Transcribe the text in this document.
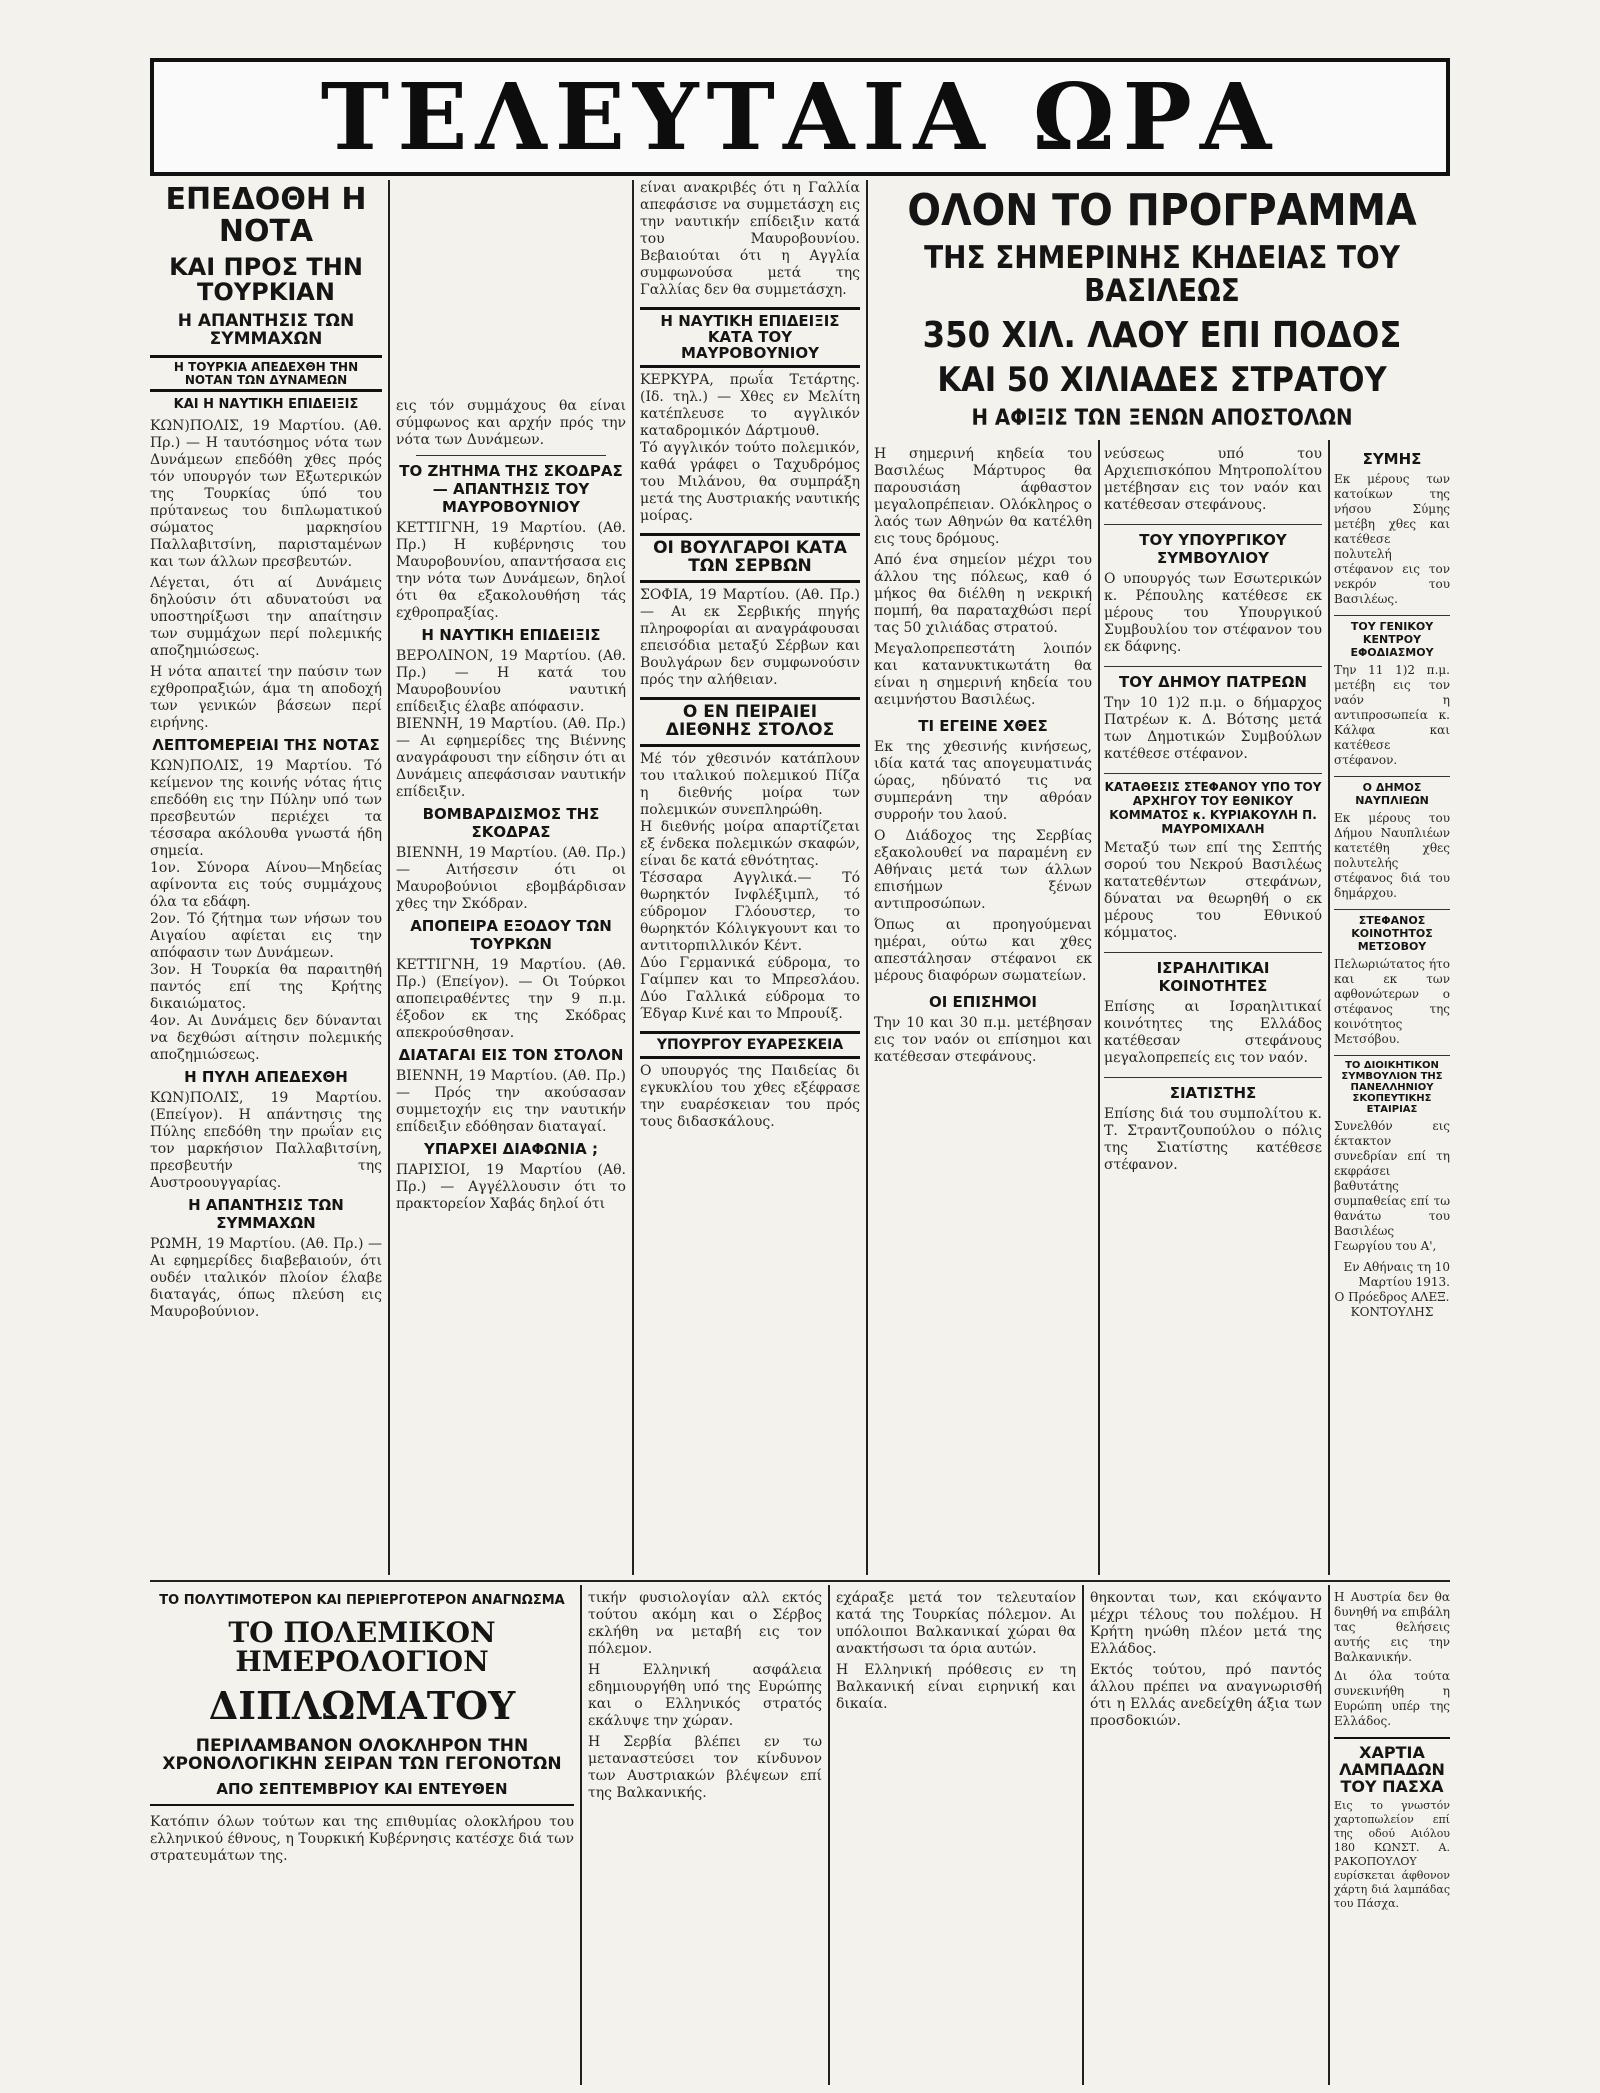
ΤΕΛΕΥΤΑΙΑ ΩΡΑ
ΕΠΕΔΟΘΗ Η ΝΟΤΑ
ΚΑΙ ΠΡΟΣ ΤΗΝ ΤΟΥΡΚΙΑΝ
Η ΑΠΑΝΤΗΣΙΣ ΤΩΝ ΣΥΜΜΑΧΩΝ
Η ΤΟΥΡΚΙΑ ΑΠΕΔΕΧΘΗ ΤΗΝ ΝΟΤΑΝ ΤΩΝ ΔΥΝΑΜΕΩΝ
ΚΑΙ Η ΝΑΥΤΙΚΗ ΕΠΙΔΕΙΞΙΣ

ΚΩΝ)ΠΟΛΙΣ, 19 Μαρτίου. (Αθ. Πρ.) — Η ταυτόσημος νότα των Δυνάμεων επεδόθη χθες πρός τόν υπουργόν των Εξωτερικών της Τουρκίας ύπό του πρύτανεως του διπλωματικού σώματος μαρκησίου Παλλαβιτσίνη, παρισταμένων και των άλλων πρεσβευτών.

Λέγεται, ότι αί Δυνάμεις δηλούσιν ότι αδυνατούσι να υποστηρίξωσι την απαίτησιν των συμμάχων περί πολεμικής αποζημιώσεως.

Η νότα απαιτεί την παύσιν των εχθροπραξιών, άμα τη αποδοχή των γενικών βάσεων περί ειρήνης.

ΛΕΠΤΟΜΕΡΕΙΑΙ ΤΗΣ ΝΟΤΑΣ

ΚΩΝ)ΠΟΛΙΣ, 19 Μαρτίου. Τό κείμενον της κοινής νότας ήτις επεδόθη εις την Πύλην υπό των πρεσβευτών περιέχει τα τέσσαρα ακόλουθα γνωστά ήδη σημεία.

1ον. Σύνορα Αίνου—Μηδείας αφίνοντα εις τούς συμμάχους όλα τα εδάφη.

2ον. Τό ζήτημα των νήσων του Αιγαίου αφίεται εις την απόφασιν των Δυνάμεων.

3ον. Η Τουρκία θα παραιτηθή παντός επί της Κρήτης δικαιώματος.

4ον. Αι Δυνάμεις δεν δύνανται να δεχθώσι αίτησιν πολεμικής αποζημιώσεως.

Η ΠΥΛΗ ΑΠΕΔΕΧΘΗ

ΚΩΝ)ΠΟΛΙΣ, 19 Μαρτίου. (Επείγον). Η απάντησις της Πύλης επεδόθη την πρωΐαν εις τον μαρκήσιον Παλλαβιτσίνη, πρεσβευτήν της Αυστροουγγαρίας.

Η ΑΠΑΝΤΗΣΙΣ ΤΩΝ ΣΥΜΜΑΧΩΝ

ΡΩΜΗ, 19 Μαρτίου. (Αθ. Πρ.) — Αι εφημερίδες διαβεβαιούν, ότι ουδέν ιταλικόν πλοίον έλαβε διαταγάς, όπως πλεύση εις Μαυροβούνιον.

εις τόν συμμάχους θα είναι σύμφωνος και αρχήν πρός την νότα των Δυνάμεων.

ΤΟ ΖΗΤΗΜΑ ΤΗΣ ΣΚΟΔΡΑΣ — ΑΠΑΝΤΗΣΙΣ ΤΟΥ ΜΑΥΡΟΒΟΥΝΙΟΥ

ΚΕΤΤΙΓΝΗ, 19 Μαρτίου. (Αθ. Πρ.) Η κυβέρνησις του Μαυροβουνίου, απαντήσασα εις την νότα των Δυνάμεων, δηλοί ότι θα εξακολουθήση τάς εχθροπραξίας.

Η ΝΑΥΤΙΚΗ ΕΠΙΔΕΙΞΙΣ

ΒΕΡΟΛΙΝΟΝ, 19 Μαρτίου. (Αθ. Πρ.) — Η κατά του Μαυροβουνίου ναυτική επίδειξις έλαβε απόφασιν.

ΒΙΕΝΝΗ, 19 Μαρτίου. (Αθ. Πρ.) — Αι εφημερίδες της Βιέννης αναγράφουσι την είδησιν ότι αι Δυνάμεις απεφάσισαν ναυτικήν επίδειξιν.

ΒΟΜΒΑΡΔΙΣΜΟΣ ΤΗΣ ΣΚΟΔΡΑΣ

ΒΙΕΝΝΗ, 19 Μαρτίου. (Αθ. Πρ.) — Αιτήσεσιν ότι οι Μαυροβούνιοι εβομβάρδισαν χθες την Σκόδραν.

ΑΠΟΠΕΙΡΑ ΕΞΟΔΟΥ ΤΩΝ ΤΟΥΡΚΩΝ

ΚΕΤΤΙΓΝΗ, 19 Μαρτίου. (Αθ. Πρ.) (Επείγον). — Οι Τούρκοι αποπειραθέντες την 9 π.μ. έξοδον εκ της Σκόδρας απεκρούσθησαν.

ΔΙΑΤΑΓΑΙ ΕΙΣ ΤΟΝ ΣΤΟΛΟΝ

ΒΙΕΝΝΗ, 19 Μαρτίου. (Αθ. Πρ.) — Πρός την ακούσασαν συμμετοχήν εις την ναυτικήν επίδειξιν εδόθησαν διαταγαί.

ΥΠΑΡΧΕΙ ΔΙΑΦΩΝΙΑ ;

ΠΑΡΙΣΙΟΙ, 19 Μαρτίου (Αθ. Πρ.) — Αγγέλλουσιν ότι το πρακτορείον Χαβάς δηλοί ότι

είναι ανακριβές ότι η Γαλλία απεφάσισε να συμμετάσχη εις την ναυτικήν επίδειξιν κατά του Μαυροβουνίου. Βεβαιούται ότι η Αγγλία συμφωνούσα μετά της Γαλλίας δεν θα συμμετάσχη.

Η ΝΑΥΤΙΚΗ ΕΠΙΔΕΙΞΙΣ ΚΑΤΑ ΤΟΥ ΜΑΥΡΟΒΟΥΝΙΟΥ

ΚΕΡΚΥΡΑ, πρωΐα Τετάρτης. (Ιδ. τηλ.) — Χθες εν Μελίτη κατέπλευσε το αγγλικόν καταδρομικόν Δάρτμουθ.

Τό αγγλικόν τούτο πολεμικόν, καθά γράφει ο Ταχυδρόμος του Μιλάνου, θα συμπράξη μετά της Αυστριακής ναυτικής μοίρας.

ΟΙ ΒΟΥΛΓΑΡΟΙ ΚΑΤΑ ΤΩΝ ΣΕΡΒΩΝ

ΣΟΦΙΑ, 19 Μαρτίου. (Αθ. Πρ.) — Αι εκ Σερβικής πηγής πληροφορίαι αι αναγράφουσαι επεισόδια μεταξύ Σέρβων και Βουλγάρων δεν συμφωνούσιν πρός την αλήθειαν.

Ο ΕΝ ΠΕΙΡΑΙΕΙ ΔΙΕΘΝΗΣ ΣΤΟΛΟΣ

Μέ τόν χθεσινόν κατάπλουν του ιταλικού πολεμικού Πίζα η διεθνής μοίρα των πολεμικών συνεπληρώθη.

Η διεθνής μοίρα απαρτίζεται εξ ένδεκα πολεμικών σκαφών, είναι δε κατά εθνότητας.

Τέσσαρα Αγγλικά.— Τό θωρηκτόν Ινφλέξιμπλ, τό εύδρομον Γλόουστερ, το θωρηκτόν Κόλιγκγουντ και το αντιτορπιλλικόν Κέντ.

Δύο Γερμανικά εύδρομα, το Γαίμπεν και το Μπρεσλάου. Δύο Γαλλικά εύδρομα το Έδγαρ Κινέ και το Μπρουίξ.

ΥΠΟΥΡΓΟΥ ΕΥΑΡΕΣΚΕΙΑ

Ο υπουργός της Παιδείας δι εγκυκλίου του χθες εξέφρασε την ευαρέσκειαν του πρός τους διδασκάλους.

ΟΛΟΝ ΤΟ ΠΡΟΓΡΑΜΜΑ
ΤΗΣ ΣΗΜΕΡΙΝΗΣ ΚΗΔΕΙΑΣ ΤΟΥ ΒΑΣΙΛΕΩΣ
350 ΧΙΛ. ΛΑΟΥ ΕΠΙ ΠΟΔΟΣ
ΚΑΙ 50 ΧΙΛΙΑΔΕΣ ΣΤΡΑΤΟΥ
Η ΑΦΙΞΙΣ ΤΩΝ ΞΕΝΩΝ ΑΠΟΣΤΟΛΩΝ

Η σημερινή κηδεία του Βασιλέως Μάρτυρος θα παρουσιάση άφθαστον μεγαλοπρέπειαν. Ολόκληρος ο λαός των Αθηνών θα κατέλθη εις τους δρόμους.

Από ένα σημείον μέχρι του άλλου της πόλεως, καθ ό μήκος θα διέλθη η νεκρική πομπή, θα παραταχθώσι περί τας 50 χιλιάδας στρατού.

Μεγαλοπρεπεστάτη λοιπόν και κατανυκτικωτάτη θα είναι η σημερινή κηδεία του αειμνήστου Βασιλέως.

ΤΙ ΕΓΕΙΝΕ ΧΘΕΣ

Εκ της χθεσινής κινήσεως, ιδία κατά τας απογευματινάς ώρας, ηδύνατό τις να συμπεράνη την αθρόαν συρροήν του λαού.

Ο Διάδοχος της Σερβίας εξακολουθεί να παραμένη εν Αθήναις μετά των άλλων επισήμων ξένων αντιπροσώπων.

Όπως αι προηγούμεναι ημέραι, ούτω και χθες απεστάλησαν στέφανοι εκ μέρους διαφόρων σωματείων.

ΟΙ ΕΠΙΣΗΜΟΙ

Την 10 και 30 π.μ. μετέβησαν εις τον ναόν οι επίσημοι και κατέθεσαν στεφάνους.

νεύσεως υπό του Αρχιεπισκόπου Μητροπολίτου μετέβησαν εις τον ναόν και κατέθεσαν στεφάνους.

ΤΟΥ ΥΠΟΥΡΓΙΚΟΥ ΣΥΜΒΟΥΛΙΟΥ

Ο υπουργός των Εσωτερικών κ. Ρέπουλης κατέθεσε εκ μέρους του Υπουργικού Συμβουλίου τον στέφανον του εκ δάφνης.

ΤΟΥ ΔΗΜΟΥ ΠΑΤΡΕΩΝ

Την 10 1)2 π.μ. ο δήμαρχος Πατρέων κ. Δ. Βότσης μετά των Δημοτικών Συμβούλων κατέθεσε στέφανον.

ΚΑΤΑΘΕΣΙΣ ΣΤΕΦΑΝΟΥ ΥΠΟ ΤΟΥ ΑΡΧΗΓΟΥ ΤΟΥ ΕΘΝΙΚΟΥ ΚΟΜΜΑΤΟΣ κ. ΚΥΡΙΑΚΟΥΛΗ Π. ΜΑΥΡΟΜΙΧΑΛΗ

Μεταξύ των επί της Σεπτής σορού του Νεκρού Βασιλέως κατατεθέντων στεφάνων, δύναται να θεωρηθή ο εκ μέρους του Εθνικού κόμματος.

ΙΣΡΑΗΛΙΤΙΚΑΙ ΚΟΙΝΟΤΗΤΕΣ

Επίσης αι Ισραηλιτικαί κοινότητες της Ελλάδος κατέθεσαν στεφάνους μεγαλοπρεπείς εις τον ναόν.

ΣΙΑΤΙΣΤΗΣ

Επίσης διά του συμπολίτου κ. Τ. Στραντζουπούλου ο πόλις της Σιατίστης κατέθεσε στέφανον.

ΣΥΜΗΣ

Εκ μέρους των κατοίκων της νήσου Σύμης μετέβη χθες και κατέθεσε πολυτελή στέφανον εις τον νεκρόν του Βασιλέως.

ΤΟΥ ΓΕΝΙΚΟΥ ΚΕΝΤΡΟΥ ΕΦΟΔΙΑΣΜΟΥ

Την 11 1)2 π.μ. μετέβη εις τον ναόν η αντιπροσωπεία κ. Κάλφα και κατέθεσε στέφανον.

Ο ΔΗΜΟΣ ΝΑΥΠΛΙΕΩΝ

Εκ μέρους του Δήμου Ναυπλιέων κατετέθη χθες πολυτελής στέφανος διά του δημάρχου.

ΣΤΕΦΑΝΟΣ ΚΟΙΝΟΤΗΤΟΣ ΜΕΤΣΟΒΟΥ

Πελωριώτατος ήτο και εκ των αφθονώτερων ο στέφανος της κοινότητος Μετσόβου.

ΤΟ ΔΙΟΙΚΗΤΙΚΟΝ ΣΥΜΒΟΥΛΙΟΝ ΤΗΣ ΠΑΝΕΛΛΗΝΙΟΥ ΣΚΟΠΕΥΤΙΚΗΣ ΕΤΑΙΡΙΑΣ

Συνελθόν εις έκτακτον συνεδρίαν επί τη εκφράσει βαθυτάτης συμπαθείας επί τω θανάτω του Βασιλέως Γεωργίου του Α',

Εν Αθήναις τη 10 Μαρτίου 1913.

Ο Πρόεδρος ΑΛΕΞ. ΚΟΝΤΟΥΛΗΣ

ΤΟ ΠΟΛΥΤΙΜΟΤΕΡΟΝ ΚΑΙ ΠΕΡΙΕΡΓΟΤΕΡΟΝ ΑΝΑΓΝΩΣΜΑ
ΤΟ ΠΟΛΕΜΙΚΟΝ ΗΜΕΡΟΛΟΓΙΟΝ
ΔΙΠΛΩΜΑΤΟΥ
ΠΕΡΙΛΑΜΒΑΝΟΝ ΟΛΟΚΛΗΡΟΝ ΤΗΝ ΧΡΟΝΟΛΟΓΙΚΗΝ ΣΕΙΡΑΝ ΤΩΝ ΓΕΓΟΝΟΤΩΝ
ΑΠΟ ΣΕΠΤΕΜΒΡΙΟΥ ΚΑΙ ΕΝΤΕΥΘΕΝ

Κατόπιν όλων τούτων και της επιθυμίας ολοκλήρου του ελληνικού έθνους, η Τουρκική Κυβέρνησις κατέσχε διά των στρατευμάτων της.

τικήν φυσιολογίαν αλλ εκτός τούτου ακόμη και ο Σέρβος εκλήθη να μεταβή εις τον πόλεμον.

Η Ελληνική ασφάλεια εδημιουργήθη υπό της Ευρώπης και ο Ελληνικός στρατός εκάλυψε την χώραν.

Η Σερβία βλέπει εν τω μεταναστεύσει τον κίνδυνον των Αυστριακών βλέψεων επί της Βαλκανικής.

εχάραξε μετά τον τελευταίον κατά της Τουρκίας πόλεμον. Αι υπόλοιποι Βαλκανικαί χώραι θα ανακτήσωσι τα όρια αυτών.

Η Ελληνική πρόθεσις εν τη Βαλκανική είναι ειρηνική και δικαία.

θηκονται των, και εκόψαντο μέχρι τέλους του πολέμου. Η Κρήτη ηνώθη πλέον μετά της Ελλάδος.

Εκτός τούτου, πρό παντός άλλου πρέπει να αναγνωρισθή ότι η Ελλάς ανεδείχθη άξια των προσδοκιών.

Η Αυστρία δεν θα δυνηθή να επιβάλη τας θελήσεις αυτής εις την Βαλκανικήν.

Δι όλα τούτα συνεκινήθη η Ευρώπη υπέρ της Ελλάδος.

ΧΑΡΤΙΑ ΛΑΜΠΑΔΩΝ ΤΟΥ ΠΑΣΧΑ

Εις το γνωστόν χαρτοπωλείον επί της οδού Αιόλου 180 ΚΩΝΣΤ. Α. ΡΑΚΟΠΟΥΛΟΥ ευρίσκεται άφθονον χάρτη διά λαμπάδας του Πάσχα.
